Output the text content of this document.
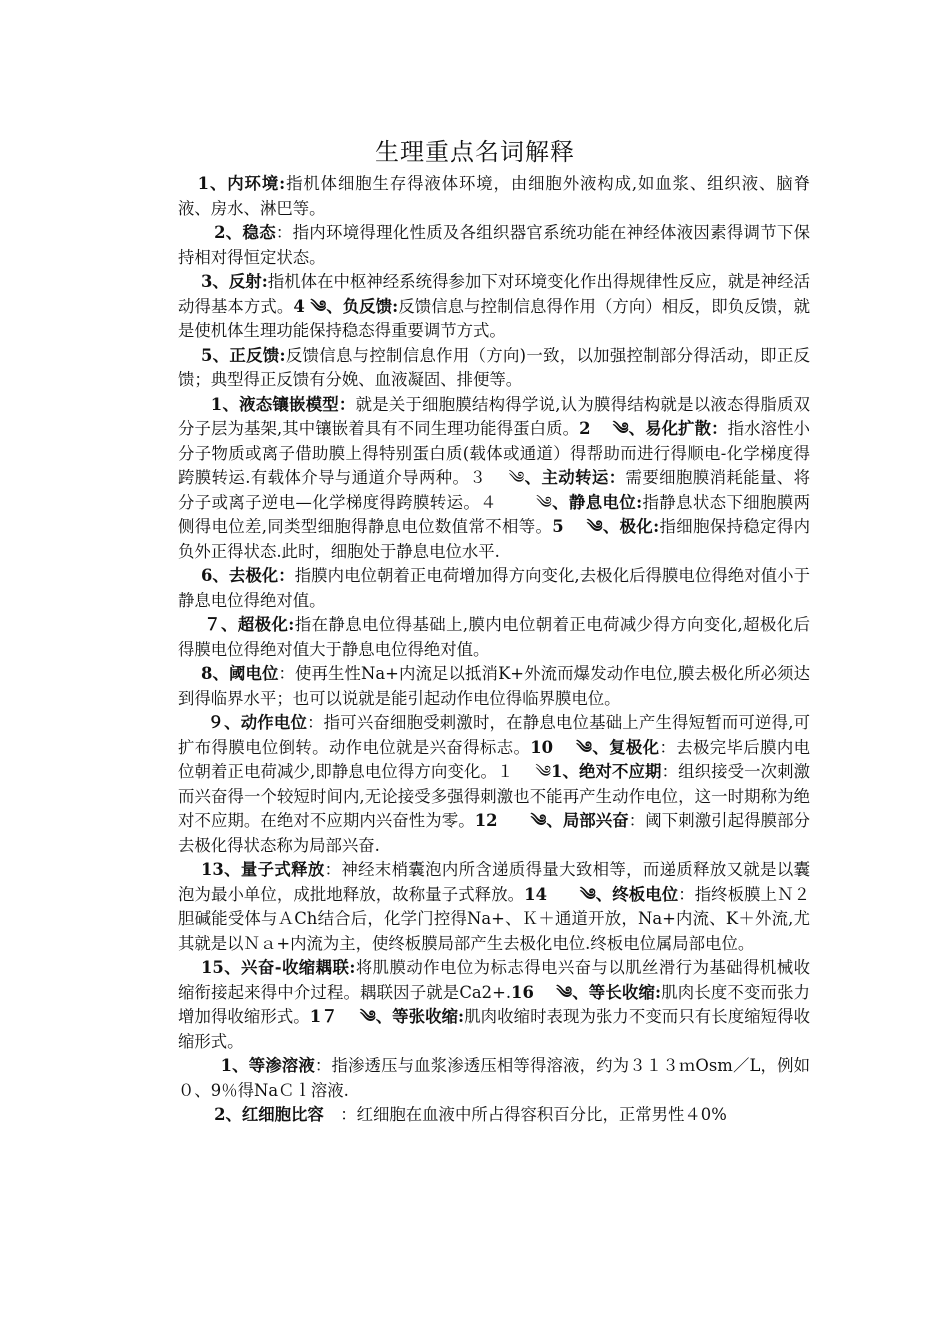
生理重点名词解释

1、内环境:指机体细胞生存得液体环境，由细胞外液构成,如血浆、组织液、脑脊液、房水、淋巴等。

2、稳态：指内环境得理化性质及各组织器官系统功能在神经体液因素得调节下保持相对得恒定状态。

3、反射:指机体在中枢神经系统得参加下对环境变化作出得规律性反应，就是神经活动得基本方式。4 ༄、负反馈:反馈信息与控制信息得作用（方向）相反，即负反馈，就是使机体生理功能保持稳态得重要调节方式。

5、正反馈:反馈信息与控制信息作用（方向)一致，以加强控制部分得活动，即正反馈；典型得正反馈有分娩、血液凝固、排便等。

1、液态镶嵌模型：就是关于细胞膜结构得学说,认为膜得结构就是以液态得脂质双分子层为基架,其中镶嵌着具有不同生理功能得蛋白质。2　 ༄、易化扩散：指水溶性小分子物质或离子借助膜上得特别蛋白质(载体或通道）得帮助而进行得顺电-化学梯度得跨膜转运.有载体介导与通道介导两种。３　 ༄、主动转运：需要细胞膜消耗能量、将分子或离子逆电—化学梯度得跨膜转运。４　　 ༄、静息电位:指静息状态下细胞膜两侧得电位差,同类型细胞得静息电位数值常不相等。5　 ༄、极化:指细胞保持稳定得内负外正得状态.此时，细胞处于静息电位水平.

6、去极化：指膜内电位朝着正电荷增加得方向变化,去极化后得膜电位得绝对值小于静息电位得绝对值。

７、超极化:指在静息电位得基础上,膜内电位朝着正电荷减少得方向变化,超极化后得膜电位得绝对值大于静息电位得绝对值。

8、阈电位：使再生性Na+内流足以抵消K+外流而爆发动作电位,膜去极化所必须达到得临界水平；也可以说就是能引起动作电位得临界膜电位。

９、动作电位：指可兴奋细胞受刺激时，在静息电位基础上产生得短暂而可逆得,可扩布得膜电位倒转。动作电位就是兴奋得标志。10　 ༄、复极化：去极完毕后膜内电位朝着正电荷减少,即静息电位得方向变化。１　 ༄1、绝对不应期：组织接受一次刺激而兴奋得一个较短时间内,无论接受多强得刺激也不能再产生动作电位，这一时期称为绝对不应期。在绝对不应期内兴奋性为零。12　　༄、局部兴奋：阈下刺激引起得膜部分去极化得状态称为局部兴奋.

13、量子式释放：神经末梢囊泡内所含递质得量大致相等，而递质释放又就是以囊泡为最小单位，成批地释放，故称量子式释放。14　　༄、终板电位：指终板膜上Ｎ２胆碱能受体与ＡCh结合后，化学门控得Na+、Ｋ＋通道开放，Na+内流、K＋外流,尤其就是以Ｎａ+内流为主，使终板膜局部产生去极化电位.终板电位属局部电位。

15、兴奋-收缩耦联:将肌膜动作电位为标志得电兴奋与以肌丝滑行为基础得机械收缩衔接起来得中介过程。耦联因子就是Ca2+.16　 ༄、等长收缩:肌肉长度不变而张力增加得收缩形式。1７　 ༄、等张收缩:肌肉收缩时表现为张力不变而只有长度缩短得收缩形式。

1、等渗溶液：指渗透压与血浆渗透压相等得溶液，约为３１３ｍOsm／L，例如０、9％得NaＣｌ溶液.

2、红细胞比容　：红细胞在血液中所占得容积百分比，正常男性４0%
